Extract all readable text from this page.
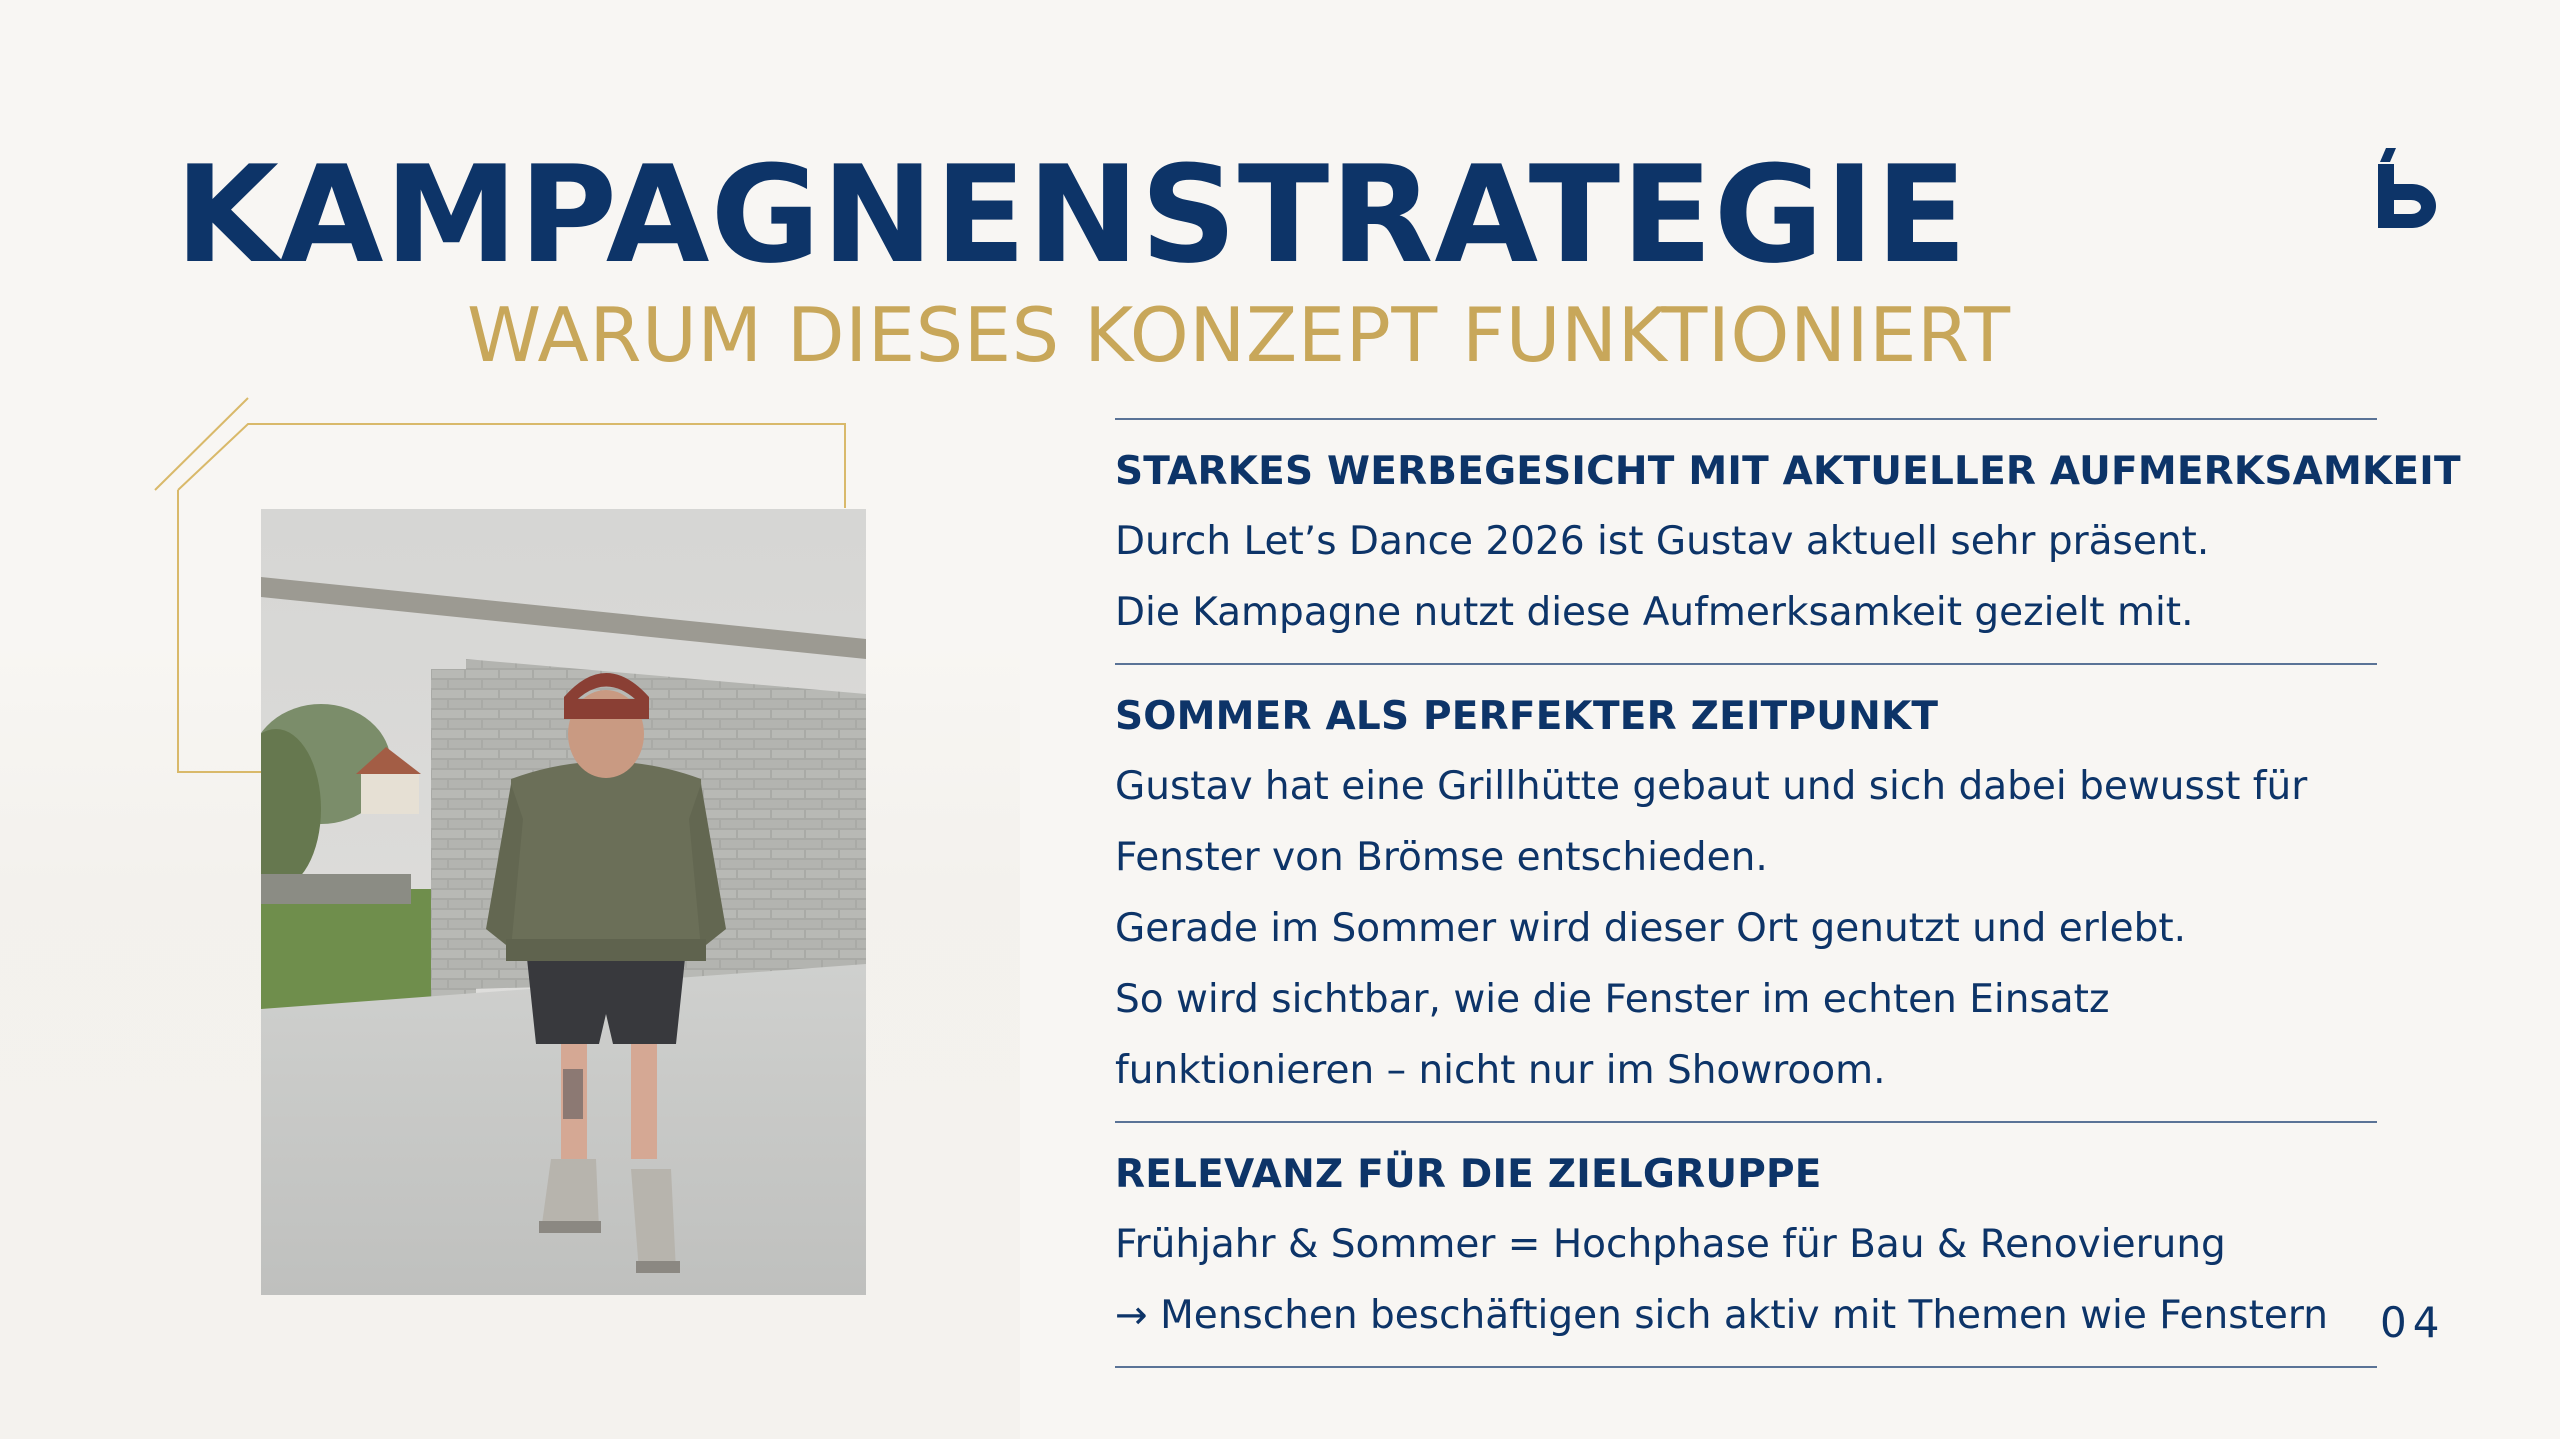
KAMPAGNENSTRATEGIE
WARUM DIESES KONZEPT FUNKTIONIERT
STARKES WERBEGESICHT MIT AKTUELLER AUFMERKSAMKEIT

Durch Let’s Dance 2026 ist Gustav aktuell sehr präsent.

Die Kampagne nutzt diese Aufmerksamkeit gezielt mit.

SOMMER ALS PERFEKTER ZEITPUNKT

Gustav hat eine Grillhütte gebaut und sich dabei bewusst für

Fenster von Brömse entschieden.

Gerade im Sommer wird dieser Ort genutzt und erlebt.

So wird sichtbar, wie die Fenster im echten Einsatz

funktionieren – nicht nur im Showroom.

RELEVANZ FÜR DIE ZIELGRUPPE

Frühjahr & Sommer = Hochphase für Bau & Renovierung

→ Menschen beschäftigen sich aktiv mit Themen wie Fenstern	04
